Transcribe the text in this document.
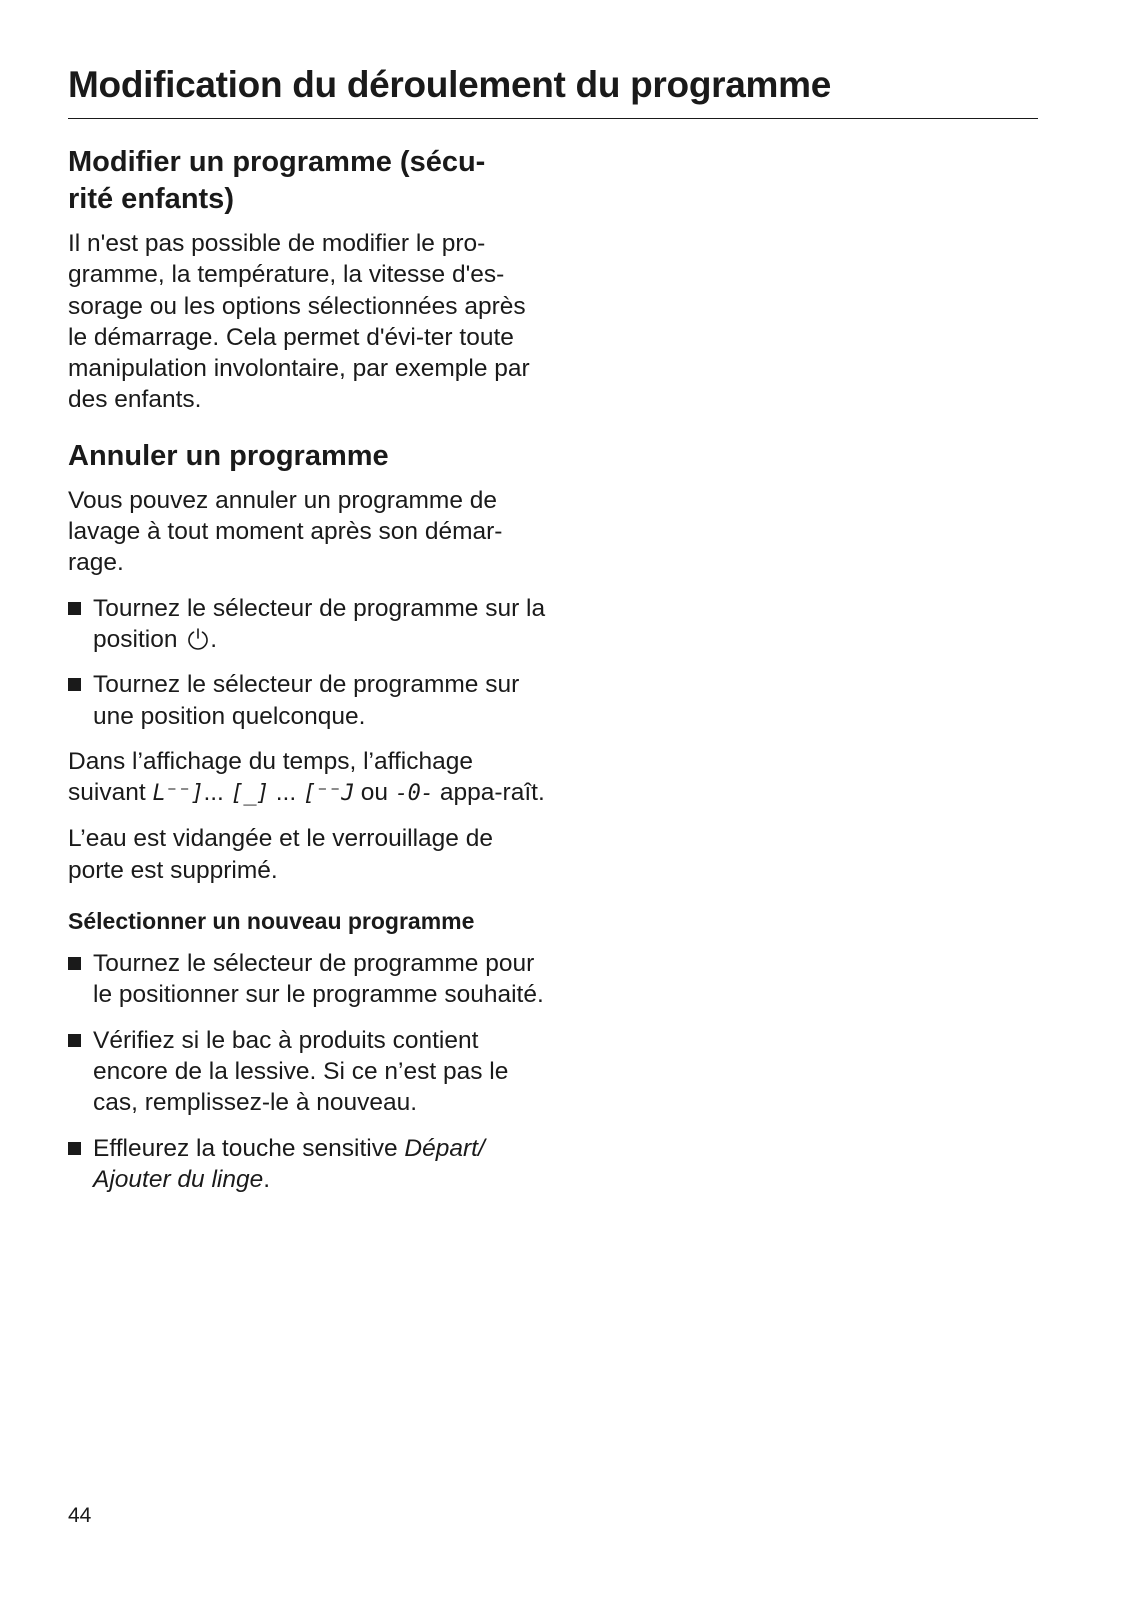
Modification du déroulement du programme
Modifier un programme (sécu-
rité enfants)

Il n'est pas possible de modifier le pro-gramme, la température, la vitesse d'es-sorage ou les options sélectionnées après le démarrage. Cela permet d'évi-ter toute manipulation involontaire, par exemple par des enfants.

Annuler un programme

Vous pouvez annuler un programme de lavage à tout moment après son démar-rage.

Tournez le sélecteur de programme sur la position .
Tournez le sélecteur de programme sur une position quelconque.

Dans l’affichage du temps, l’affichage suivant L⁻⁻]... [_] ... [⁻⁻J ou -0- appa-raît.

L’eau est vidangée et le verrouillage de porte est supprimé.

Sélectionner un nouveau programme
Tournez le sélecteur de programme pour le positionner sur le programme souhaité.
Vérifiez si le bac à produits contient encore de la lessive. Si ce n’est pas le cas, remplissez-le à nouveau.
Effleurez la touche sensitive Départ/ Ajouter du linge.
44
